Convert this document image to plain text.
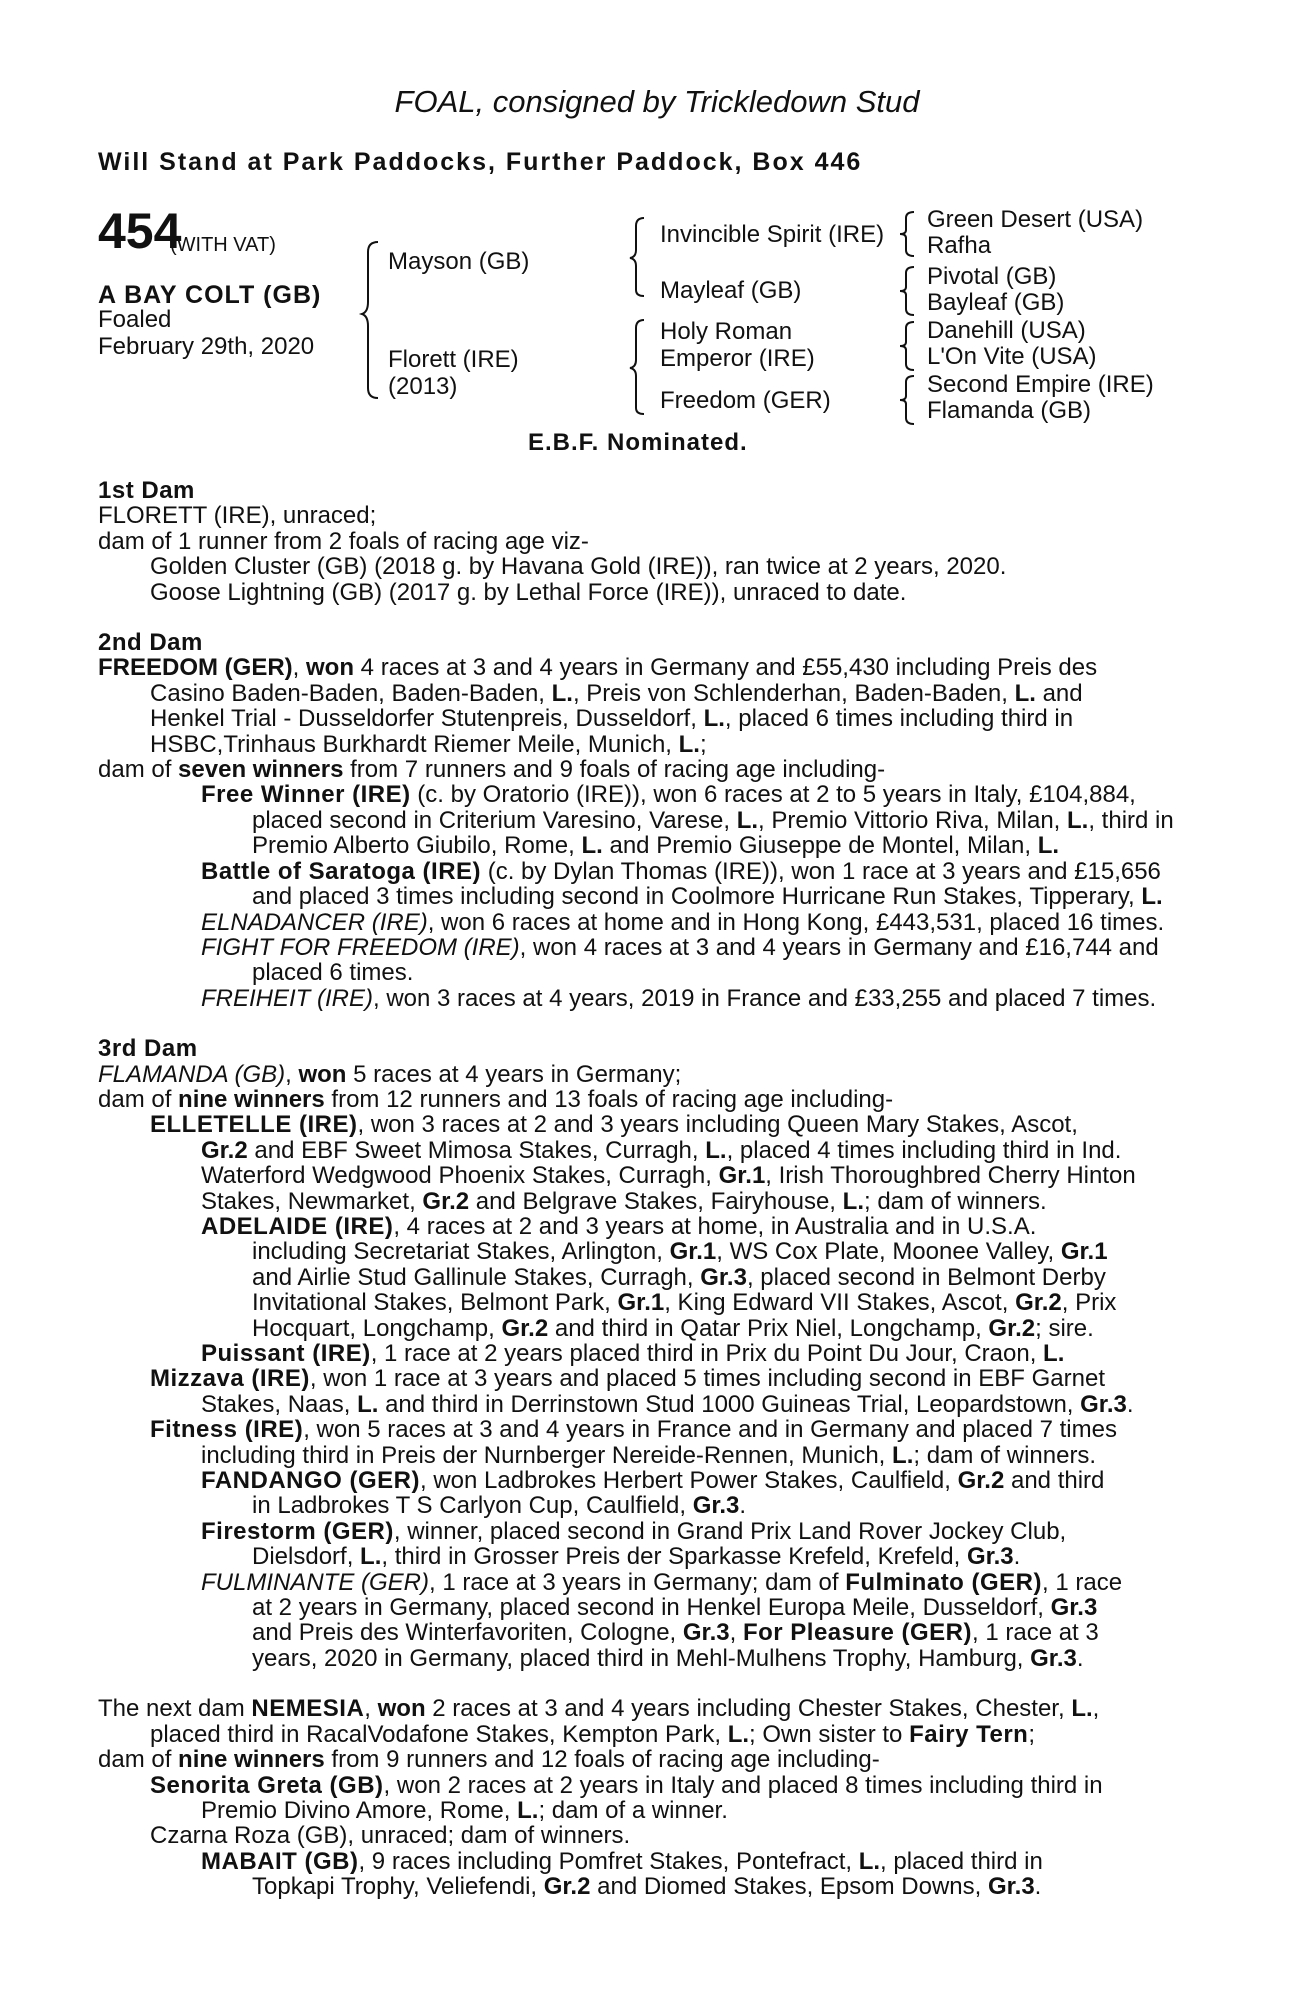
FOAL, consigned by Trickledown Stud
Will Stand at Park Paddocks, Further Paddock, Box 446
454
(WITH VAT)
A BAY COLT (GB)
Foaled
February 29th, 2020
Mayson (GB)
Florett (IRE)
(2013)
Invincible Spirit (IRE)
Mayleaf (GB)
Holy Roman
Emperor (IRE)
Freedom (GER)
Green Desert (USA)
Rafha
Pivotal (GB)
Bayleaf (GB)
Danehill (USA)
L'On Vite (USA)
Second Empire (IRE)
Flamanda (GB)
E.B.F. Nominated.

1st Dam

FLORETT (IRE), unraced;

dam of 1 runner from 2 foals of racing age viz-

Golden Cluster (GB) (2018 g. by Havana Gold (IRE)), ran twice at 2 years, 2020.

Goose Lightning (GB) (2017 g. by Lethal Force (IRE)), unraced to date.

2nd Dam

FREEDOM (GER), won 4 races at 3 and 4 years in Germany and £55,430 including Preis des

Casino Baden-Baden, Baden-Baden, L., Preis von Schlenderhan, Baden-Baden, L. and

Henkel Trial - Dusseldorfer Stutenpreis, Dusseldorf, L., placed 6 times including third in

HSBC,Trinhaus Burkhardt Riemer Meile, Munich, L.;

dam of seven winners from 7 runners and 9 foals of racing age including-

Free Winner (IRE) (c. by Oratorio (IRE)), won 6 races at 2 to 5 years in Italy, £104,884,

placed second in Criterium Varesino, Varese, L., Premio Vittorio Riva, Milan, L., third in

Premio Alberto Giubilo, Rome, L. and Premio Giuseppe de Montel, Milan, L.

Battle of Saratoga (IRE) (c. by Dylan Thomas (IRE)), won 1 race at 3 years and £15,656

and placed 3 times including second in Coolmore Hurricane Run Stakes, Tipperary, L.

ELNADANCER (IRE), won 6 races at home and in Hong Kong, £443,531, placed 16 times.

FIGHT FOR FREEDOM (IRE), won 4 races at 3 and 4 years in Germany and £16,744 and

placed 6 times.

FREIHEIT (IRE), won 3 races at 4 years, 2019 in France and £33,255 and placed 7 times.

3rd Dam

FLAMANDA (GB), won 5 races at 4 years in Germany;

dam of nine winners from 12 runners and 13 foals of racing age including-

ELLETELLE (IRE), won 3 races at 2 and 3 years including Queen Mary Stakes, Ascot,

Gr.2 and EBF Sweet Mimosa Stakes, Curragh, L., placed 4 times including third in Ind.

Waterford Wedgwood Phoenix Stakes, Curragh, Gr.1, Irish Thoroughbred Cherry Hinton

Stakes, Newmarket, Gr.2 and Belgrave Stakes, Fairyhouse, L.; dam of winners.

ADELAIDE (IRE), 4 races at 2 and 3 years at home, in Australia and in U.S.A.

including Secretariat Stakes, Arlington, Gr.1, WS Cox Plate, Moonee Valley, Gr.1

and Airlie Stud Gallinule Stakes, Curragh, Gr.3, placed second in Belmont Derby

Invitational Stakes, Belmont Park, Gr.1, King Edward VII Stakes, Ascot, Gr.2, Prix

Hocquart, Longchamp, Gr.2 and third in Qatar Prix Niel, Longchamp, Gr.2; sire.

Puissant (IRE), 1 race at 2 years placed third in Prix du Point Du Jour, Craon, L.

Mizzava (IRE), won 1 race at 3 years and placed 5 times including second in EBF Garnet

Stakes, Naas, L. and third in Derrinstown Stud 1000 Guineas Trial, Leopardstown, Gr.3.

Fitness (IRE), won 5 races at 3 and 4 years in France and in Germany and placed 7 times

including third in Preis der Nurnberger Nereide-Rennen, Munich, L.; dam of winners.

FANDANGO (GER), won Ladbrokes Herbert Power Stakes, Caulfield, Gr.2 and third

in Ladbrokes T S Carlyon Cup, Caulfield, Gr.3.

Firestorm (GER), winner, placed second in Grand Prix Land Rover Jockey Club,

Dielsdorf, L., third in Grosser Preis der Sparkasse Krefeld, Krefeld, Gr.3.

FULMINANTE (GER), 1 race at 3 years in Germany; dam of Fulminato (GER), 1 race

at 2 years in Germany, placed second in Henkel Europa Meile, Dusseldorf, Gr.3

and Preis des Winterfavoriten, Cologne, Gr.3, For Pleasure (GER), 1 race at 3

years, 2020 in Germany, placed third in Mehl-Mulhens Trophy, Hamburg, Gr.3.

The next dam NEMESIA, won 2 races at 3 and 4 years including Chester Stakes, Chester, L.,

placed third in RacalVodafone Stakes, Kempton Park, L.; Own sister to Fairy Tern;

dam of nine winners from 9 runners and 12 foals of racing age including-

Senorita Greta (GB), won 2 races at 2 years in Italy and placed 8 times including third in

Premio Divino Amore, Rome, L.; dam of a winner.

Czarna Roza (GB), unraced; dam of winners.

MABAIT (GB), 9 races including Pomfret Stakes, Pontefract, L., placed third in

Topkapi Trophy, Veliefendi, Gr.2 and Diomed Stakes, Epsom Downs, Gr.3.
